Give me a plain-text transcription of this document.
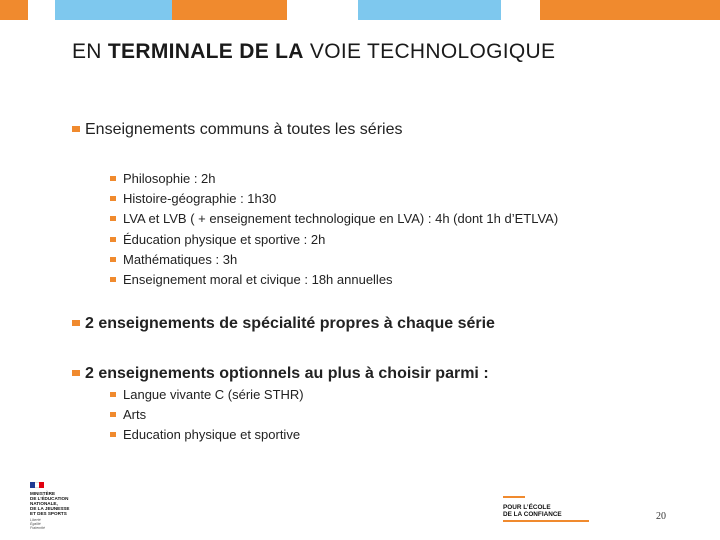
EN TERMINALE DE LA VOIE TECHNOLOGIQUE
Enseignements communs à toutes les séries
Philosophie : 2h
Histoire-géographie : 1h30
LVA et LVB ( + enseignement technologique en LVA) : 4h (dont 1h d’ETLVA)
Éducation physique et sportive : 2h
Mathématiques : 3h
Enseignement moral et civique : 18h annuelles
2 enseignements de spécialité propres à chaque série
2 enseignements optionnels au plus à choisir parmi :
Langue vivante C (série STHR)
Arts
Education physique et sportive

MINISTÈRE

DE L’ÉDUCATION

NATIONALE,

DE LA JEUNESSE

ET DES SPORTS

Liberté
Égalité
Fraternité

POUR L’ÉCOLE

DE LA CONFIANCE	20
